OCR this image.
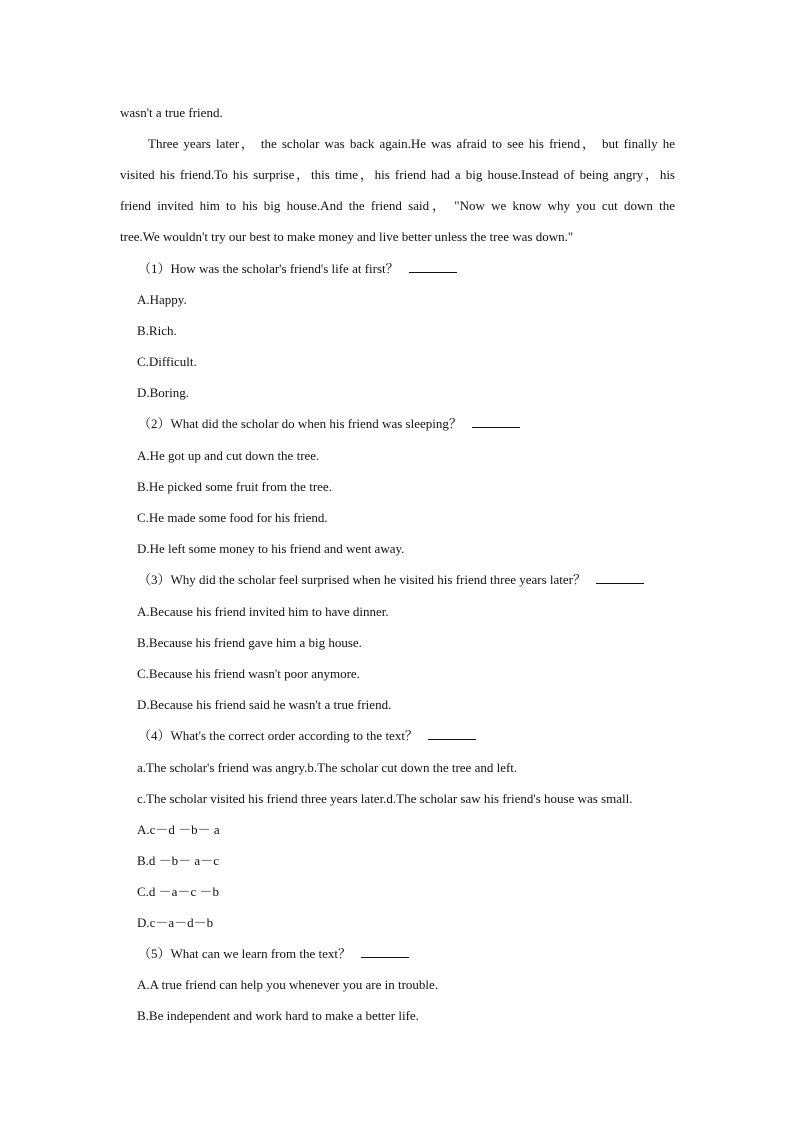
wasn't a true friend.
Three years later， the scholar was back again.He was afraid to see his friend， but finally he
visited his friend.To his surprise，this time，his friend had a big house.Instead of being angry，his
friend invited him to his big house.And the friend said， "Now we know why you cut down the
tree.We wouldn't try our best to make money and live better unless the tree was down."
（1）How was the scholar's friend's life at first？
A.Happy.
B.Rich.
C.Difficult.
D.Boring.
（2）What did the scholar do when his friend was sleeping？
A.He got up and cut down the tree.
B.He picked some fruit from the tree.
C.He made some food for his friend.
D.He left some money to his friend and went away.
（3）Why did the scholar feel surprised when he visited his friend three years later？
A.Because his friend invited him to have dinner.
B.Because his friend gave him a big house.
C.Because his friend wasn't poor anymore.
D.Because his friend said he wasn't a true friend.
（4）What's the correct order according to the text？
a.The scholar's friend was angry.b.The scholar cut down the tree and left.
c.The scholar visited his friend three years later.d.The scholar saw his friend's house was small.
A.c－d －b－ a
B.d －b－ a－c
C.d －a－c －b
D.c－a－d－b
（5）What can we learn from the text？
A.A true friend can help you whenever you are in trouble.
B.Be independent and work hard to make a better life.
